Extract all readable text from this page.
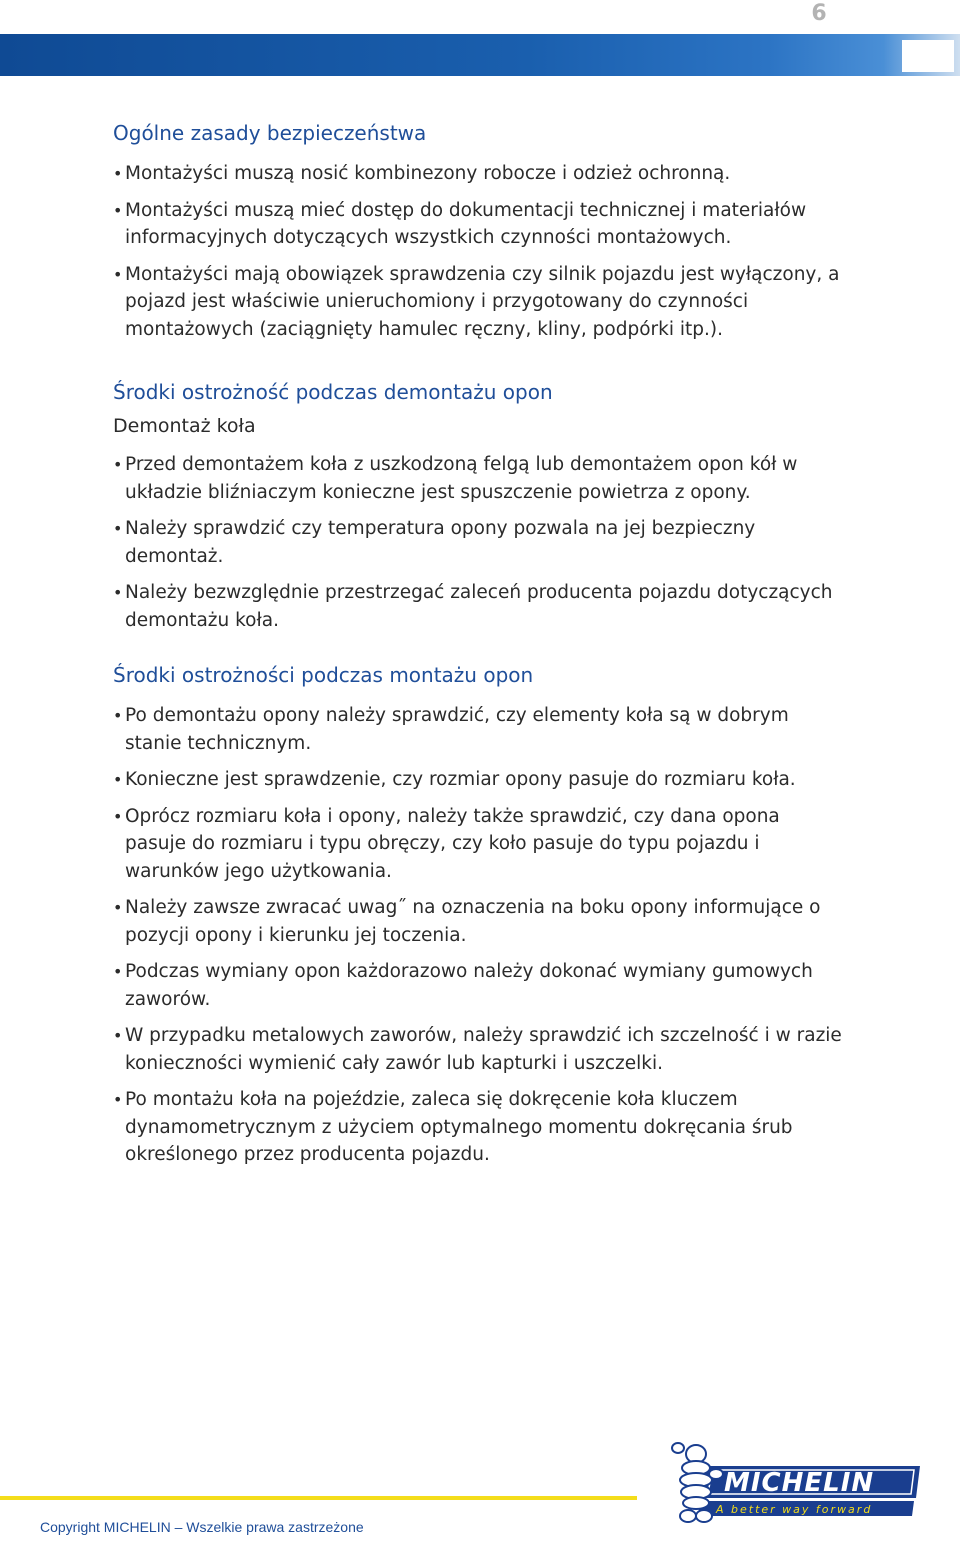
6
Ogólne zasady bezpieczeństwa
• Montażyści muszą nosić kombinezony robocze i odzież ochronną.
• Montażyści muszą mieć dostęp do dokumentacji technicznej i materiałów informacyjnych dotyczących wszystkich czynności montażowych.
• Montażyści mają obowiązek sprawdzenia czy silnik pojazdu jest wyłączony, a pojazd jest właściwie unieruchomiony i przygotowany do czynności montażowych (zaciągnięty hamulec ręczny, kliny, podpórki itp.).
Środki ostrożność podczas demontażu opon
Demontaż koła
• Przed demontażem koła z uszkodzoną felgą lub demontażem opon kół w układzie bliźniaczym konieczne jest spuszczenie powietrza z opony.
• Należy sprawdzić czy temperatura opony pozwala na jej bezpieczny demontaż.
• Należy bezwzględnie przestrzegać zaleceń producenta pojazdu dotyczących demontażu koła.
Środki ostrożności podczas montażu opon
• Po demontażu opony należy sprawdzić, czy elementy koła są w dobrym stanie technicznym.
• Konieczne jest sprawdzenie, czy rozmiar opony pasuje do rozmiaru koła.
• Oprócz rozmiaru koła i opony, należy także sprawdzić, czy dana opona pasuje do rozmiaru i typu obręczy, czy koło pasuje do typu pojazdu i warunków jego użytkowania.
• Należy zawsze zwracać uwag˝ na oznaczenia na boku opony informujące o pozycji opony i kierunku jej toczenia.
• Podczas wymiany opon każdorazowo należy dokonać wymiany gumowych zaworów.
• W przypadku metalowych zaworów, należy sprawdzić ich szczelność i w razie konieczności wymienić cały zawór lub kapturki i uszczelki.
• Po montażu koła na pojeździe, zaleca się dokręcenie koła kluczem dynamometrycznym z użyciem optymalnego momentu dokręcania śrub określonego przez producenta pojazdu.
Copyright MICHELIN – Wszelkie prawa zastrzeżone
MICHELIN
A better way forward
